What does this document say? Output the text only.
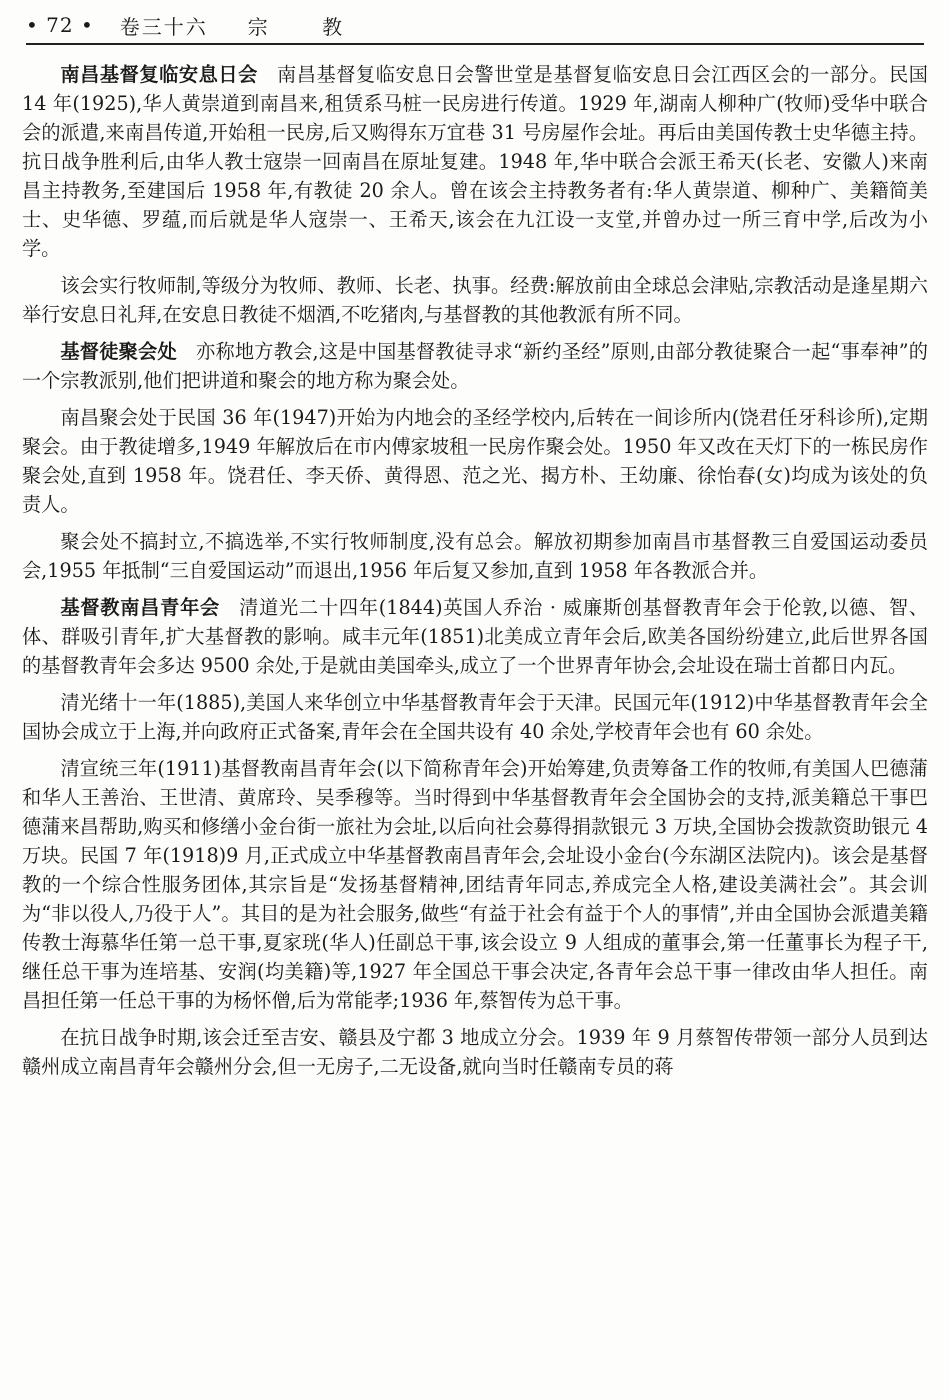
• 72 • 卷三十六 宗 教

南昌基督复临安息日会 南昌基督复临安息日会警世堂是基督复临安息日会江西区会的一部分。民国 14 年(1925),华人黄崇道到南昌来,租赁系马桩一民房进行传道。1929 年,湖南人柳种广(牧师)受华中联合会的派遣,来南昌传道,开始租一民房,后又购得东万宜巷 31 号房屋作会址。再后由美国传教士史华德主持。抗日战争胜利后,由华人教士寇崇一回南昌在原址复建。1948 年,华中联合会派王希天(长老、安徽人)来南昌主持教务,至建国后 1958 年,有教徒 20 余人。曾在该会主持教务者有:华人黄崇道、柳种广、美籍简美士、史华德、罗蕴,而后就是华人寇崇一、王希天,该会在九江设一支堂,并曾办过一所三育中学,后改为小学。

该会实行牧师制,等级分为牧师、教师、长老、执事。经费:解放前由全球总会津贴,宗教活动是逢星期六举行安息日礼拜,在安息日教徒不烟酒,不吃猪肉,与基督教的其他教派有所不同。

基督徒聚会处 亦称地方教会,这是中国基督教徒寻求“新约圣经”原则,由部分教徒聚合一起“事奉神”的一个宗教派别,他们把讲道和聚会的地方称为聚会处。

南昌聚会处于民国 36 年(1947)开始为内地会的圣经学校内,后转在一间诊所内(饶君任牙科诊所),定期聚会。由于教徒增多,1949 年解放后在市内傅家坡租一民房作聚会处。1950 年又改在天灯下的一栋民房作聚会处,直到 1958 年。饶君任、李天侨、黄得恩、范之光、揭方朴、王幼廉、徐怡春(女)均成为该处的负责人。

聚会处不搞封立,不搞选举,不实行牧师制度,没有总会。解放初期参加南昌市基督教三自爱国运动委员会,1955 年抵制“三自爱国运动”而退出,1956 年后复又参加,直到 1958 年各教派合并。

基督教南昌青年会 清道光二十四年(1844)英国人乔治 · 威廉斯创基督教青年会于伦敦,以德、智、体、群吸引青年,扩大基督教的影响。咸丰元年(1851)北美成立青年会后,欧美各国纷纷建立,此后世界各国的基督教青年会多达 9500 余处,于是就由美国牵头,成立了一个世界青年协会,会址设在瑞士首都日内瓦。

清光绪十一年(1885),美国人来华创立中华基督教青年会于天津。民国元年(1912)中华基督教青年会全国协会成立于上海,并向政府正式备案,青年会在全国共设有 40 余处,学校青年会也有 60 余处。

清宣统三年(1911)基督教南昌青年会(以下简称青年会)开始筹建,负责筹备工作的牧师,有美国人巴德蒲和华人王善治、王世清、黄席玲、吴季穆等。当时得到中华基督教青年会全国协会的支持,派美籍总干事巴德蒲来昌帮助,购买和修缮小金台街一旅社为会址,以后向社会募得捐款银元 3 万块,全国协会拨款资助银元 4 万块。民国 7 年(1918)9 月,正式成立中华基督教南昌青年会,会址设小金台(今东湖区法院内)。该会是基督教的一个综合性服务团体,其宗旨是“发扬基督精神,团结青年同志,养成完全人格,建设美满社会”。其会训为“非以役人,乃役于人”。其目的是为社会服务,做些“有益于社会有益于个人的事情”,并由全国协会派遣美籍传教士海慕华任第一总干事,夏家珖(华人)任副总干事,该会设立 9 人组成的董事会,第一任董事长为程子干,继任总干事为连培基、安润(均美籍)等,1927 年全国总干事会决定,各青年会总干事一律改由华人担任。南昌担任第一任总干事的为杨怀僧,后为常能孝;1936 年,蔡智传为总干事。

在抗日战争时期,该会迁至吉安、赣县及宁都 3 地成立分会。1939 年 9 月蔡智传带领一部分人员到达赣州成立南昌青年会赣州分会,但一无房子,二无设备,就向当时任赣南专员的蒋
